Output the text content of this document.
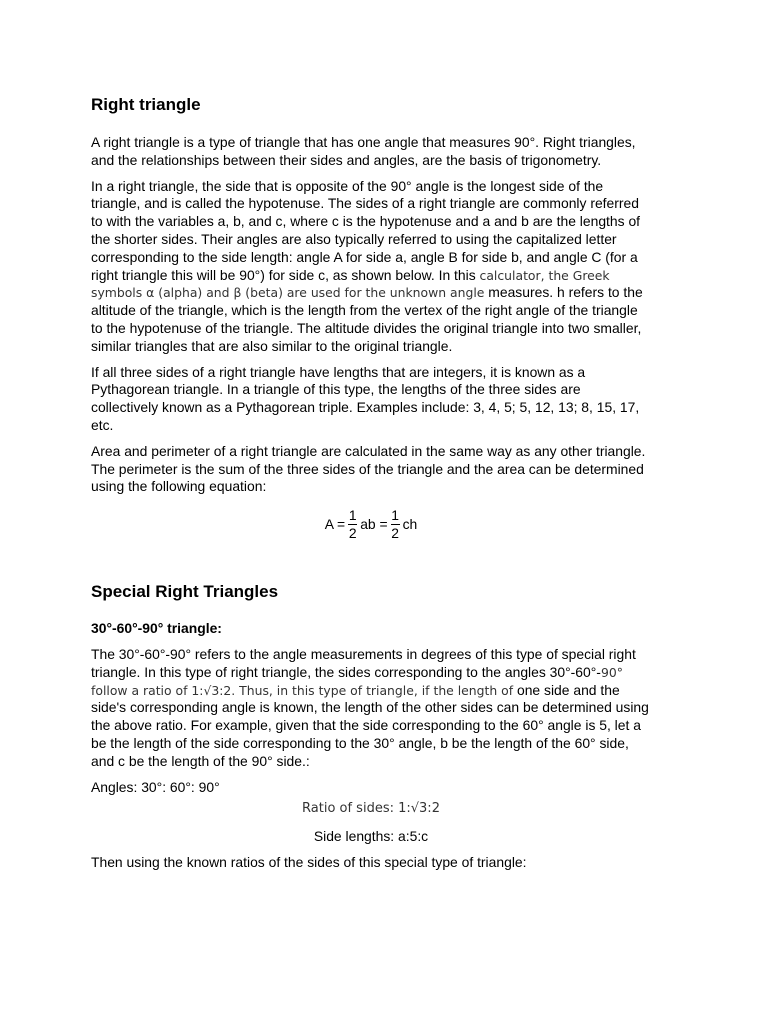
Right triangle

A right triangle is a type of triangle that has one angle that measures 90°. Right triangles, and the relationships between their sides and angles, are the basis of trigonometry.

In a right triangle, the side that is opposite of the 90° angle is the longest side of the triangle, and is called the hypotenuse. The sides of a right triangle are commonly referred to with the variables a, b, and c, where c is the hypotenuse and a and b are the lengths of the shorter sides. Their angles are also typically referred to using the capitalized letter corresponding to the side length: angle A for side a, angle B for side b, and angle C (for a right triangle this will be 90°) for side c, as shown below. In this calculator, the Greek symbols α (alpha) and β (beta) are used for the unknown angle measures. h refers to the altitude of the triangle, which is the length from the vertex of the right angle of the triangle to the hypotenuse of the triangle. The altitude divides the original triangle into two smaller, similar triangles that are also similar to the original triangle.

If all three sides of a right triangle have lengths that are integers, it is known as a Pythagorean triangle. In a triangle of this type, the lengths of the three sides are collectively known as a Pythagorean triple. Examples include: 3, 4, 5; 5, 12, 13; 8, 15, 17, etc.

Area and perimeter of a right triangle are calculated in the same way as any other triangle. The perimeter is the sum of the three sides of the triangle and the area can be determined using the following equation:

$A = \frac{1}{2}$ ab = $\frac{1}{2}$ ch
Special Right Triangles

30°-60°-90° triangle:

The 30°-60°-90° refers to the angle measurements in degrees of this type of special right triangle. In this type of right triangle, the sides corresponding to the angles 30°-60°-90° follow a ratio of 1:√3:2. Thus, in this type of triangle, if the length of one side and the side's corresponding angle is known, the length of the other sides can be determined using the above ratio. For example, given that the side corresponding to the 60° angle is 5, let a be the length of the side corresponding to the 30° angle, b be the length of the 60° side, and c be the length of the 90° side.:

Angles: 30°: 60°: 90°

Ratio of sides: 1:√3:2

Side lengths: a:5:c

Then using the known ratios of the sides of this special type of triangle:
